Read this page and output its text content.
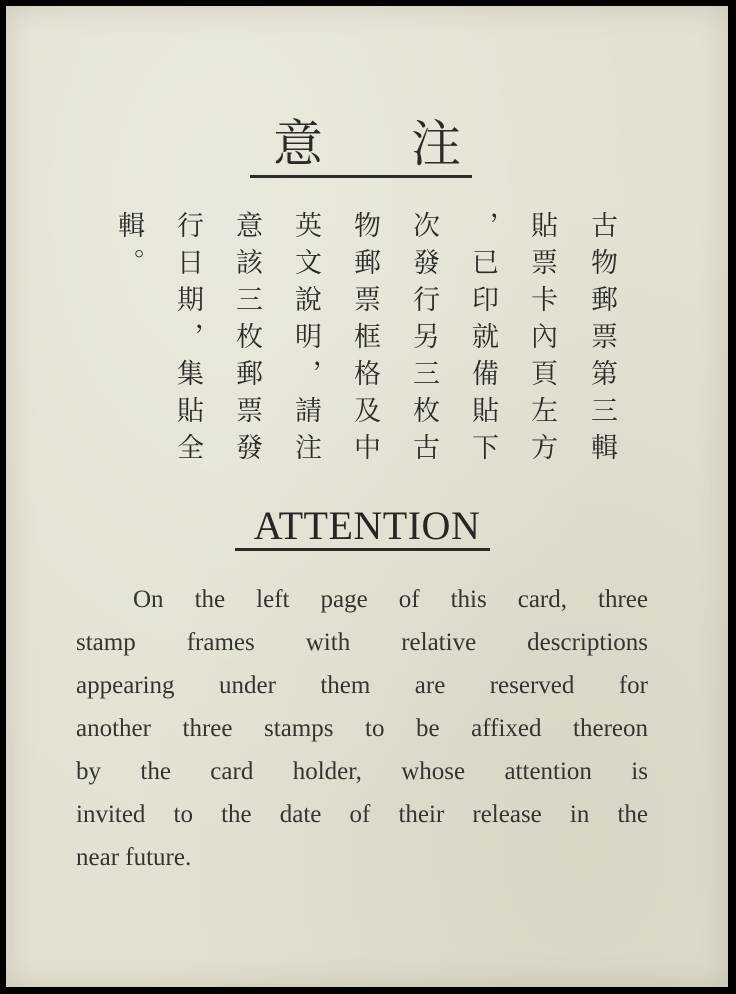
意 注
古物郵票第三輯
貼票卡內頁左方
，已印就備貼下
次發行另三枚古
物郵票框格及中
英文說明，請注
意該三枚郵票發
行日期，集貼全
輯。
ATTENTION
On the left page of this card, three
stamp frames with relative descriptions
appearing under them are reserved for
another three stamps to be affixed thereon
by the card holder, whose attention is
invited to the date of their release in the
near future.
